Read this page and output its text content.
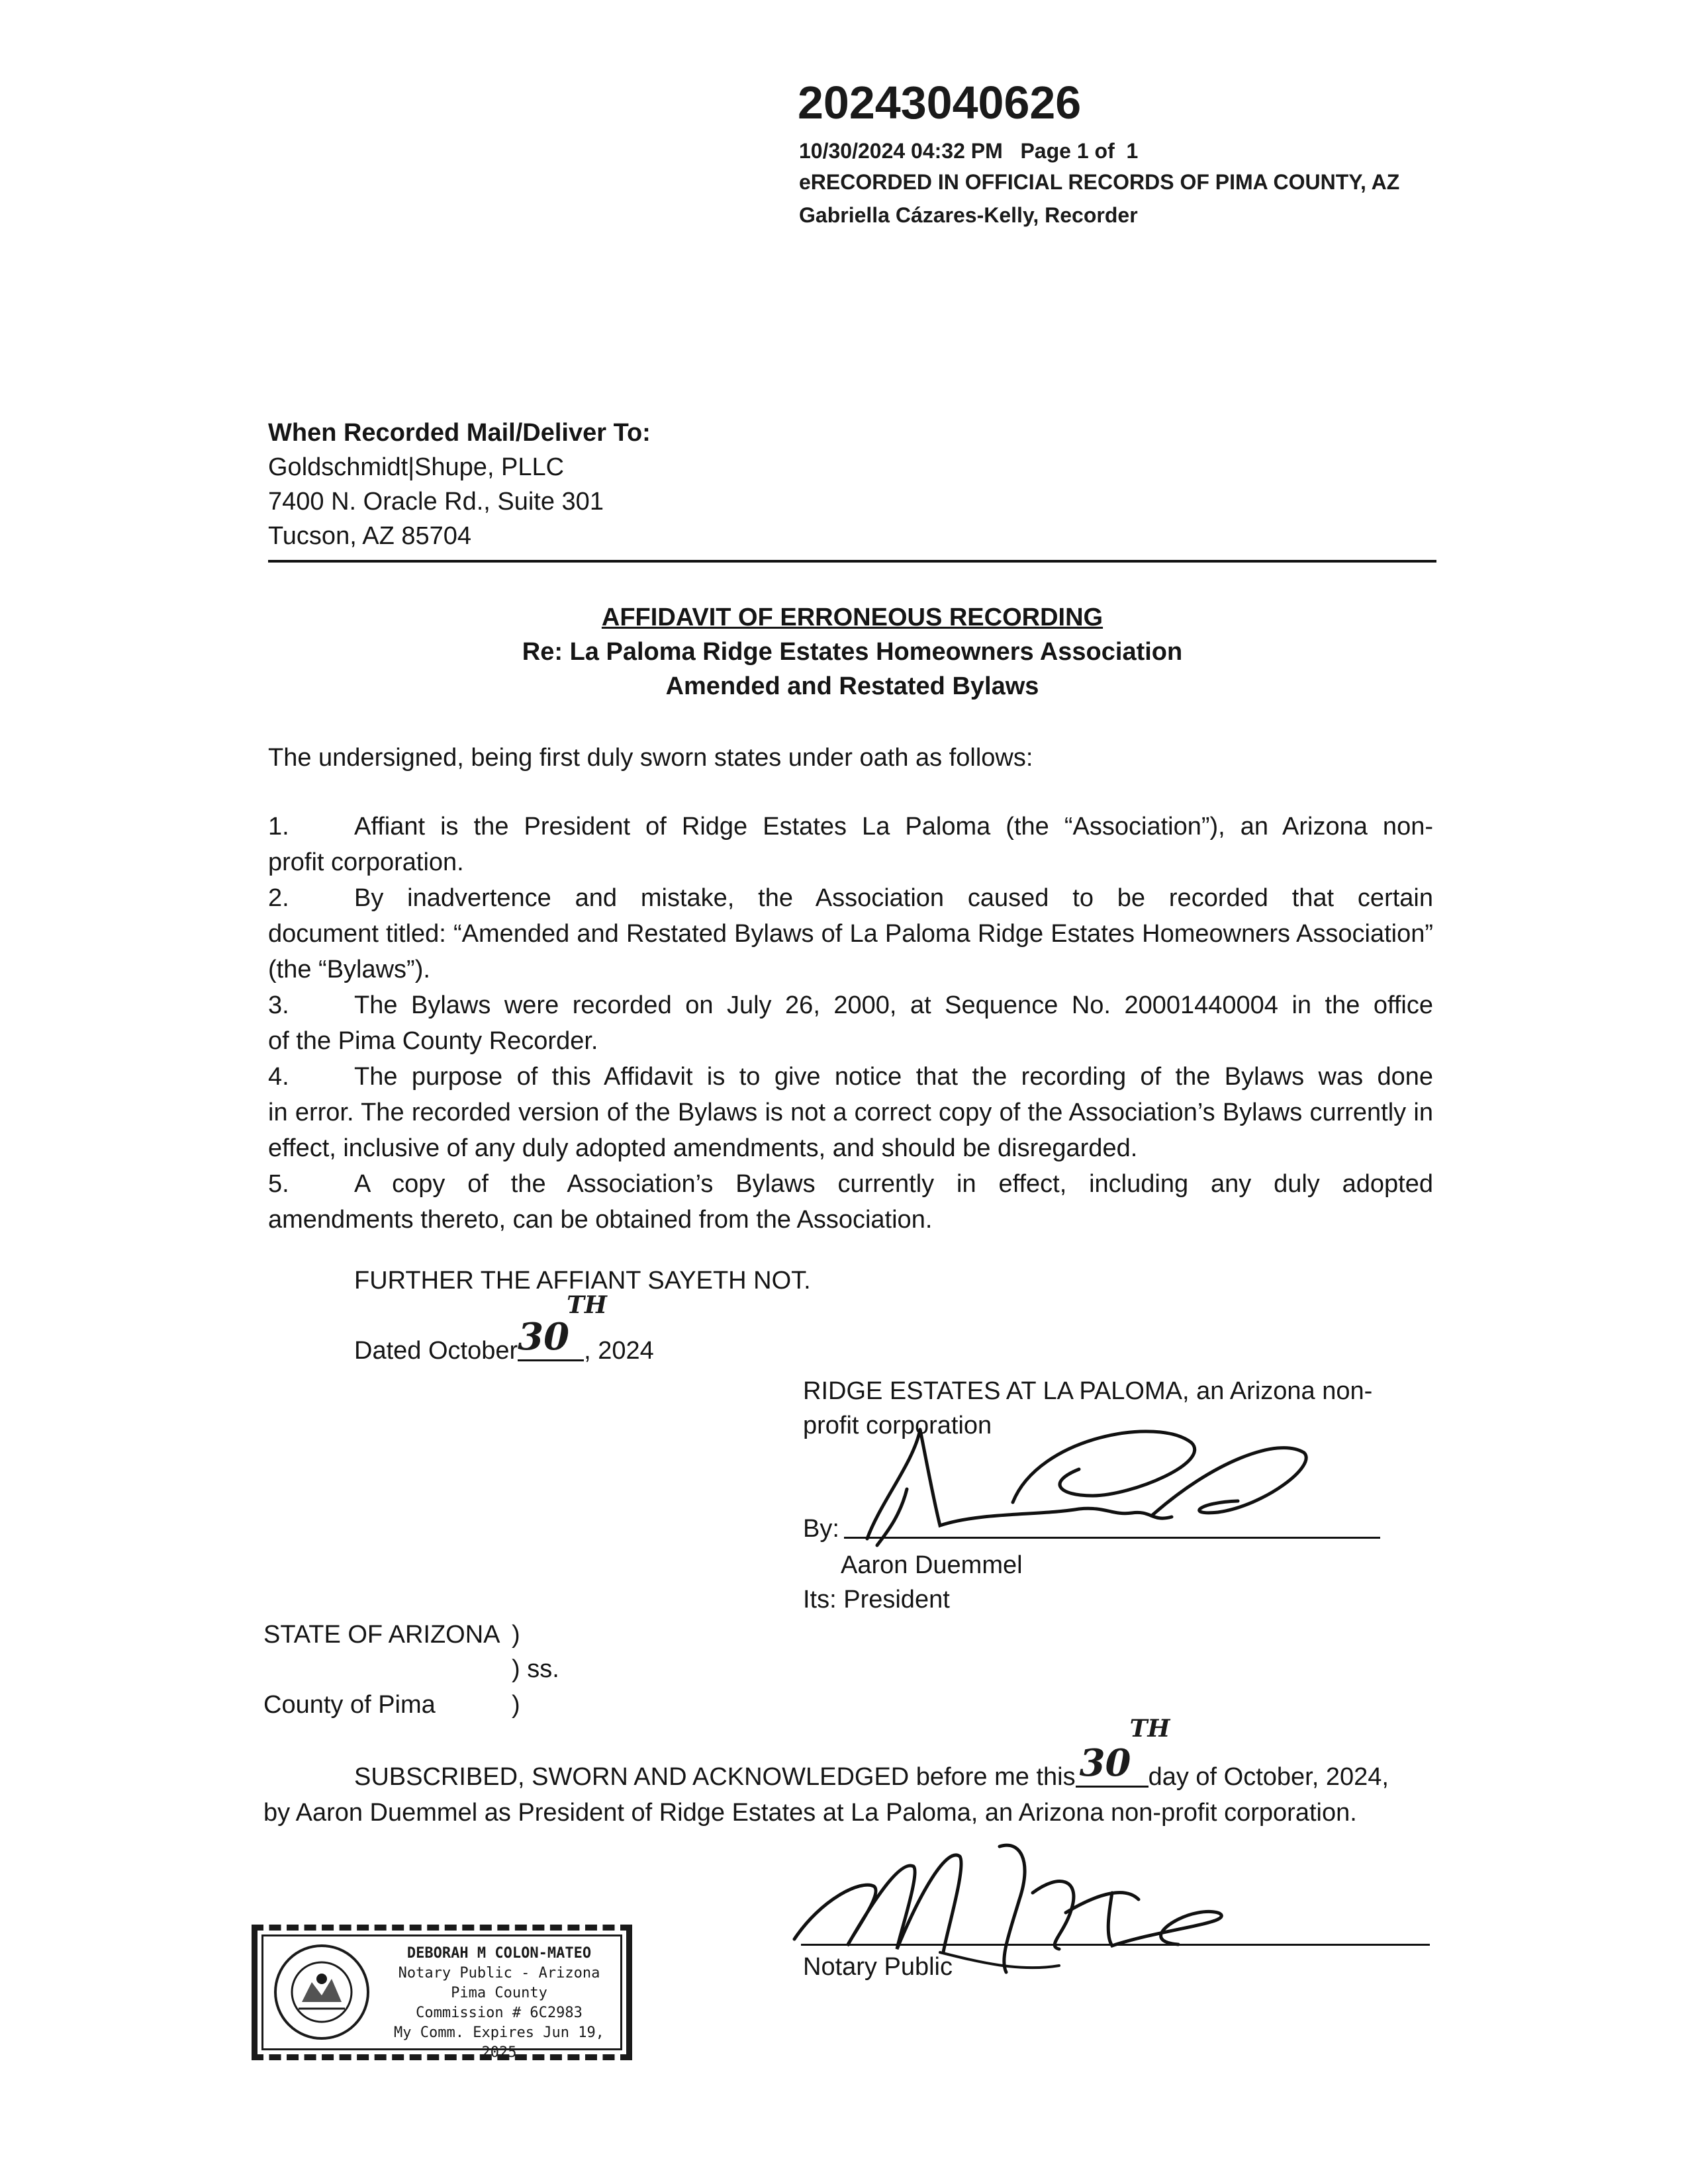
20243040626
10/30/2024 04:32 PM   Page 1 of  1
eRECORDED IN OFFICIAL RECORDS OF PIMA COUNTY, AZ
Gabriella Cázares-Kelly, Recorder
When Recorded Mail/Deliver To:
Goldschmidt|Shupe, PLLC
7400 N. Oracle Rd., Suite 301
Tucson, AZ 85704
AFFIDAVIT OF ERRONEOUS RECORDING
Re: La Paloma Ridge Estates Homeowners Association
Amended and Restated Bylaws
The undersigned, being first duly sworn states under oath as follows:
1.	Affiant is the President of Ridge Estates La Paloma (the “Association”), an Arizona non-
profit corporation.
2.	By inadvertence and mistake, the Association caused to be recorded that certain
document titled: “Amended and Restated Bylaws of La Paloma Ridge Estates Homeowners Association” (the “Bylaws”).
3.	The Bylaws were recorded on July 26, 2000, at Sequence No. 20001440004 in the office
of the Pima County Recorder.
4.	The purpose of this Affidavit is to give notice that the recording of the Bylaws was done
in error. The recorded version of the Bylaws is not a correct copy of the Association’s Bylaws currently in effect, inclusive of any duly adopted amendments, and should be disregarded.
5.	A copy of the Association’s Bylaws currently in effect, including any duly adopted
amendments thereto, can be obtained from the Association.
FURTHER THE AFFIANT SAYETH NOT.
Dated October 30
TH
, 2024
RIDGE ESTATES AT LA PALOMA, an Arizona non-
profit corporation
By:
Aaron Duemmel
Its: President
STATE OF ARIZONA )
) ss.
County of Pima	)
SUBSCRIBED, SWORN AND ACKNOWLEDGED before me this 30
TH
day of October, 2024,
by Aaron Duemmel as President of Ridge Estates at La Paloma, an Arizona non-profit corporation.
Notary Public
DEBORAH M COLON-MATEO
Notary Public - Arizona
Pima County
Commission # 6C2983
My Comm. Expires Jun 19, 2025
